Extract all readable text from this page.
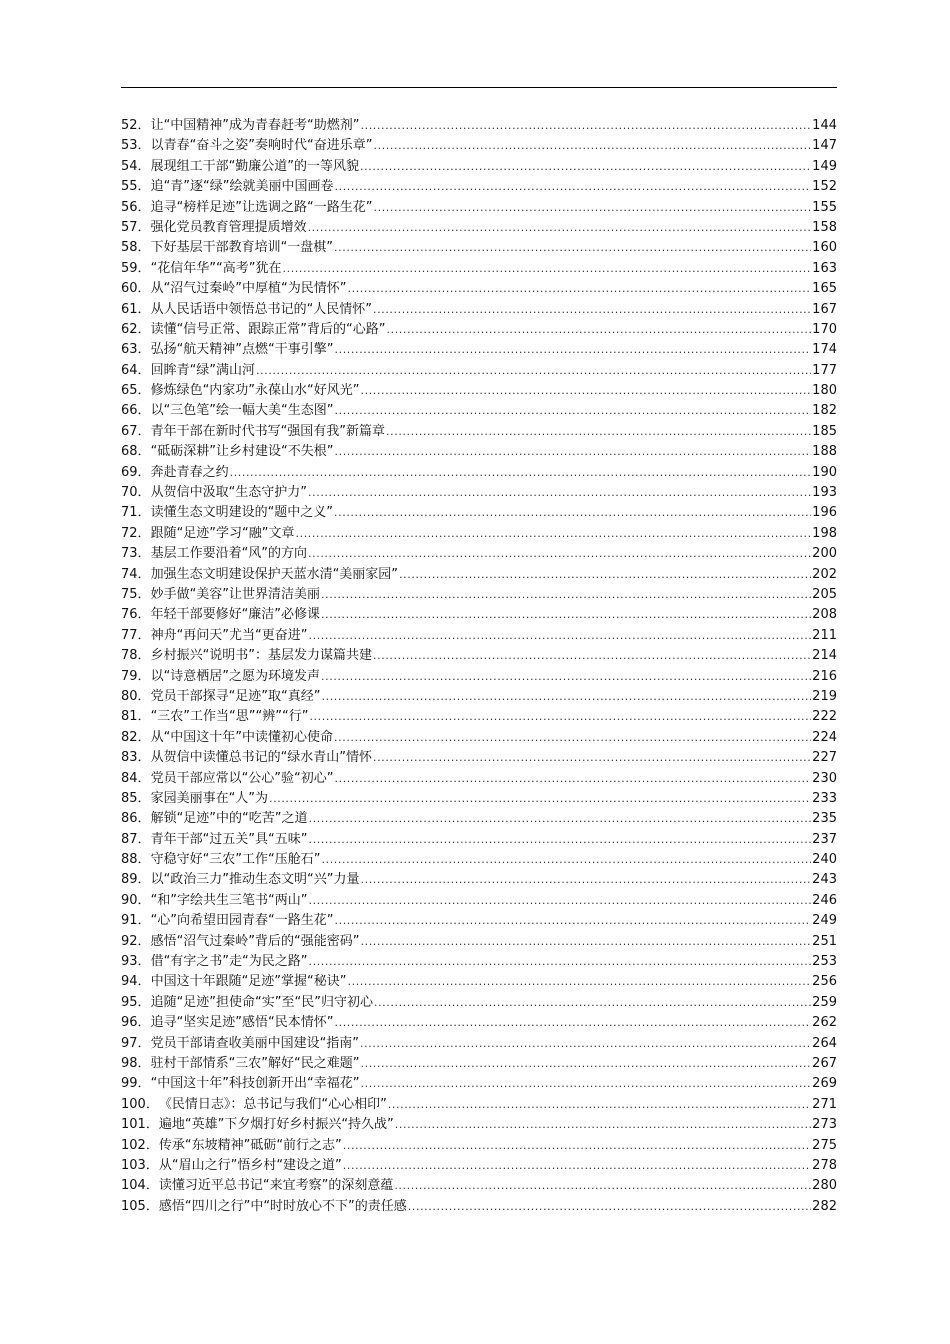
52 ． 让“中国精神”成为青春赶考“助燃剂” .....	144
53 ． 以青春“奋斗之姿”奏响时代“奋进乐章” .....	147
54 ． 展现组工干部“勤廉公道”的一等风貌 .....	149
55 ． 追“青”逐“绿”绘就美丽中国画卷 .....	152
56 ． 追寻“榜样足迹”让选调之路“一路生花” .....	155
57 ． 强化党员教育管理提质增效 .....	158
58 ． 下好基层干部教育培训“一盘棋” .....	160
59 ． “花信年华”“高考”犹在 .....	163
60 ． 从“沼气过秦岭”中厚植“为民情怀” .....	165
61 ． 从人民话语中领悟总书记的“人民情怀” .....	167
62 ． 读懂“信号正常、跟踪正常”背后的“心路” .....	170
63 ． 弘扬“航天精神”点燃“干事引擎” .....	174
64 ． 回眸青“绿”满山河 .....	177
65 ． 修炼绿色“内家功”永葆山水“好风光” .....	180
66 ． 以“三色笔”绘一幅大美“生态图” .....	182
67 ． 青年干部在新时代书写“强国有我”新篇章 .....	185
68 ． “砥砺深耕”让乡村建设“不失根” .....	188
69 ． 奔赴青春之约 .....	190
70 ． 从贺信中汲取“生态守护力” .....	193
71 ． 读懂生态文明建设的“题中之义” .....	196
72 ． 跟随“足迹”学习“融”文章 .....	198
73 ． 基层工作要沿着“风”的方向 .....	200
74 ． 加强生态文明建设保护天蓝水清“美丽家园” .....	202
75 ． 妙手做“美容”让世界清洁美丽 .....	205
76 ． 年轻干部要修好“廉洁”必修课 .....	208
77 ． 神舟“再问天”尤当“更奋进” .....	211
78 ． 乡村振兴“说明书”：基层发力谋篇共建 .....	214
79 ． 以“诗意栖居”之愿为环境发声 .....	216
80 ． 党员干部探寻“足迹”取“真经” .....	219
81 ． “三农”工作当“思”“辨”“行” .....	222
82 ． 从“中国这十年”中读懂初心使命 .....	224
83 ． 从贺信中读懂总书记的“绿水青山”情怀 .....	227
84 ． 党员干部应常以“公心”验“初心” .....	230
85 ． 家园美丽事在“人”为 .....	233
86 ． 解锁“足迹”中的“吃苦”之道 .....	235
87 ． 青年干部“过五关”具“五味” .....	237
88 ． 守稳守好“三农”工作“压舱石” .....	240
89 ． 以“政治三力”推动生态文明“兴”力量 .....	243
90 ． “和”字绘共生三笔书“两山” .....	246
91 ． “心”向希望田园青春“一路生花” .....	249
92 ． 感悟“沼气过秦岭”背后的“强能密码” .....	251
93 ． 借“有字之书”走“为民之路” .....	253
94 ． 中国这十年跟随“足迹”掌握“秘诀” .....	256
95 ． 追随“足迹”担使命“实”至“民”归守初心 .....	259
96 ． 追寻“坚实足迹”感悟“民本情怀” .....	262
97 ． 党员干部请查收美丽中国建设“指南” .....	264
98 ． 驻村干部情系“三农”解好“民之难题” .....	267
99 ． “中国这十年”科技创新开出“幸福花” .....	269
100 ． 《民情日志》：总书记与我们“心心相印” .....	271
101 ． 遍地“英雄”下夕烟打好乡村振兴“持久战” .....	273
102 ． 传承“东坡精神”砥砺“前行之志” .....	275
103 ． 从“眉山之行”悟乡村“建设之道” .....	278
104 ． 读懂习近平总书记“来宜考察”的深刻意蕴 .....	280
105 ． 感悟“四川之行”中“时时放心不下”的责任感 .....	282
